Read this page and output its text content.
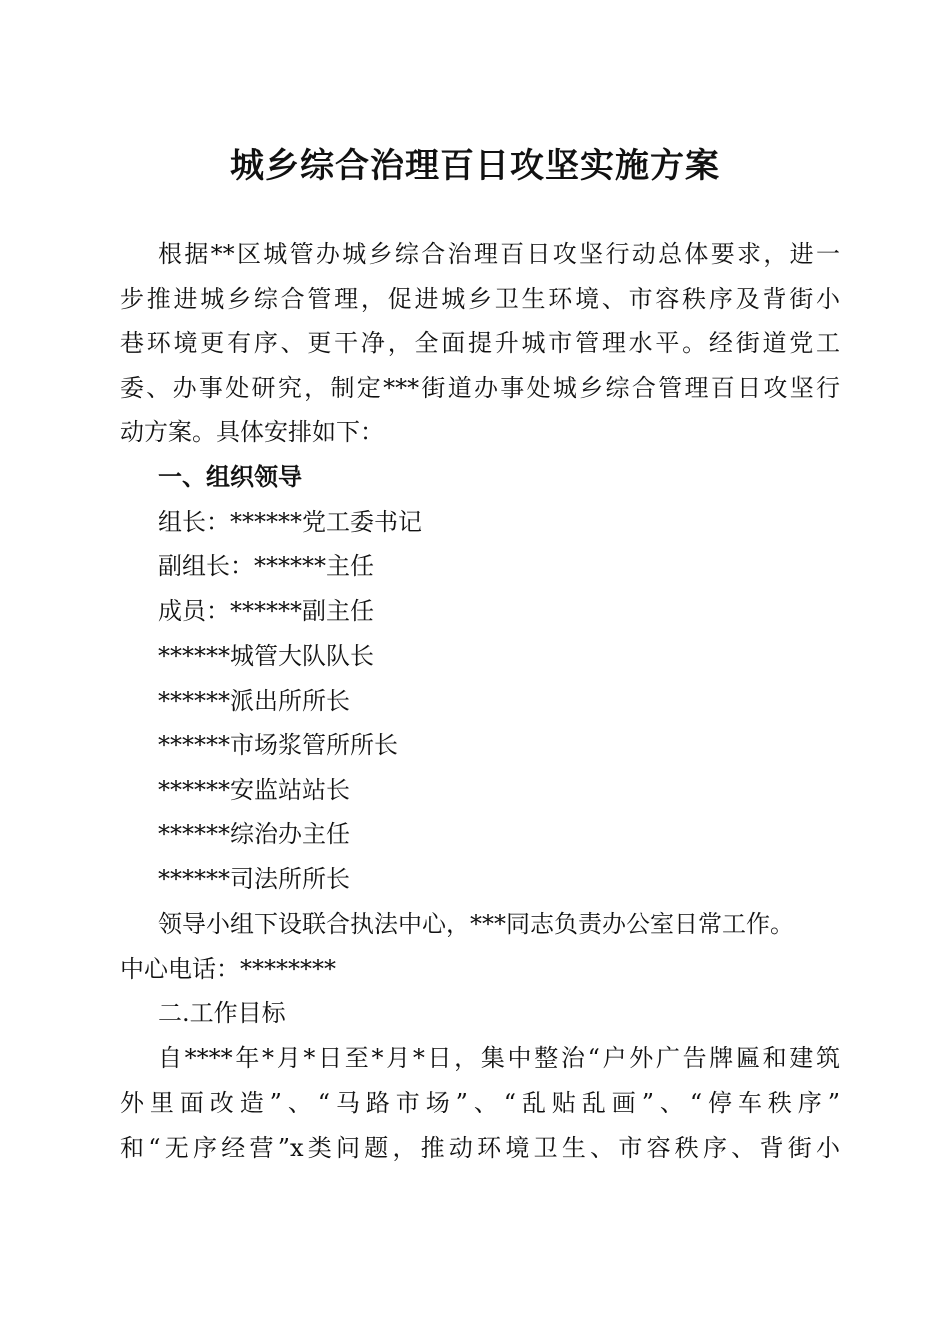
城乡综合治理百日攻坚实施方案
根据**区城管办城乡综合治理百日攻坚行动总体要求，进一
步推进城乡综合管理，促进城乡卫生环境、市容秩序及背街小
巷环境更有序、更干净，全面提升城市管理水平。经街道党工
委、办事处研究，制定***街道办事处城乡综合管理百日攻坚行
动方案。具体安排如下：
一、组织领导
组长：******党工委书记
副组长：******主任
成员：******副主任
******城管大队队长
******派出所所长
******市场浆管所所长
******安监站站长
******综治办主任
******司法所所长
领导小组下设联合执法中心，***同志负责办公室日常工作。
中心电话：********
二.工作目标
自****年*月*日至*月*日，集中整治“户外广告牌匾和建筑
外里面改造”、“马路市场”、“乱贴乱画”、“停车秩序”
和“无序经营”x类问题，推动环境卫生、市容秩序、背街小
